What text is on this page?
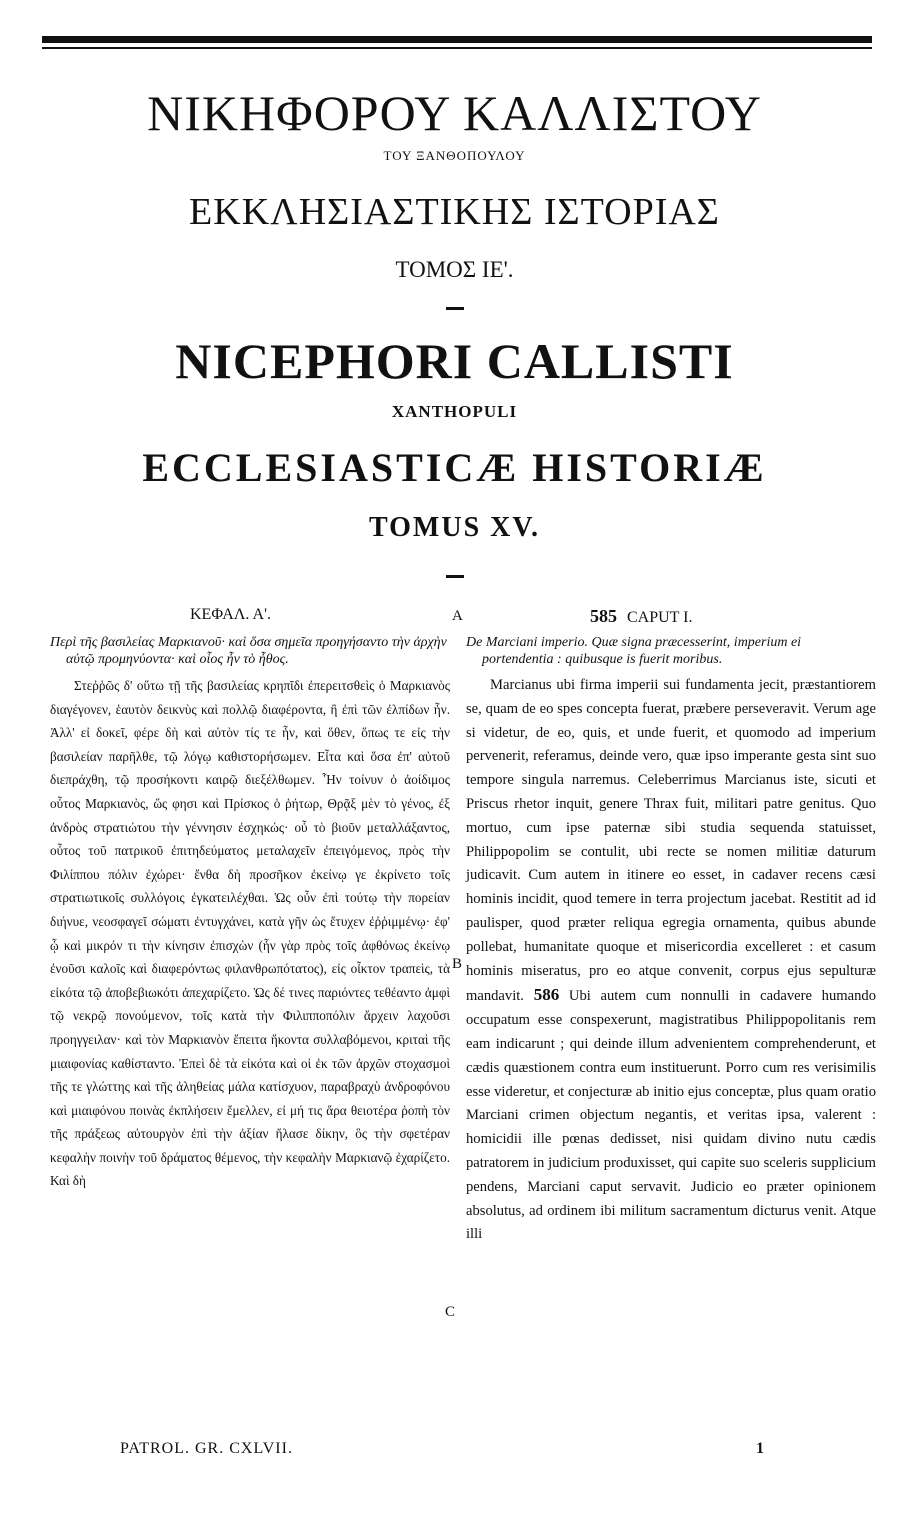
ΝΙΚΗΦΟΡΟΥ ΚΑΛΛΙΣΤΟΥ
ΤΟΥ ΞΑΝΘΟΠΟΥΛΟΥ
ΕΚΚΛΗΣΙΑΣΤΙΚΗΣ ΙΣΤΟΡΙΑΣ
ΤΟΜΟΣ ΙΕ'.
NICEPHORI CALLISTI
XANTHOPULI
ECCLESIASTICÆ HISTORIÆ
TOMUS XV.
ΚΕΦΑΛ. Α'.	585 CAPUT I.
A
B
C

Περὶ τῆς βασιλείας Μαρκιανοῦ· καὶ ὅσα σημεῖα προηγήσαντο τὴν ἀρχὴν αὐτῷ προμηνύοντα· καὶ οἷος ἦν τὸ ἦθος.

Στεῤῥῶς δ' οὕτω τῇ τῆς βασιλείας κρηπῖδι ἐπερειτσθεὶς ὁ Μαρκιανὸς διαγέγονεν, ἑαυτὸν δεικνὺς καὶ πολλῷ διαφέροντα, ἢ ἐπὶ τῶν ἐλπίδων ἦν. Ἀλλ' εἰ δοκεῖ, φέρε δὴ καὶ αὐτὸν τίς τε ἦν, καὶ ὅθεν, ὅπως τε εἰς τὴν βασιλείαν παρῆλθε, τῷ λόγῳ καθιστορήσωμεν. Εἶτα καὶ ὅσα ἐπ' αὐτοῦ διεπράχθη, τῷ προσήκοντι καιρῷ διεξέλθωμεν. Ἦν τοίνυν ὁ ἀοίδιμος οὗτος Μαρκιανὸς, ὥς φησι καὶ Πρίσκος ὁ ῥήτωρ, Θρᾷξ μὲν τὸ γένος, ἐξ ἀνδρὸς στρατιώτου τὴν γέννησιν ἐσχηκώς· οὗ τὸ βιοῦν μεταλλάξαντος, οὗτος τοῦ πατρικοῦ ἐπιτηδεύματος μεταλαχεῖν ἐπειγόμενος, πρὸς τὴν Φιλίππου πόλιν ἐχώρει· ἔνθα δὴ προσῆκον ἐκείνῳ γε ἐκρίνετο τοῖς στρατιωτικοῖς συλλόγοις ἐγκατειλέχθαι. Ὡς οὖν ἐπὶ τούτῳ τὴν πορείαν διήνυε, νεοσφαγεῖ σώματι ἐντυγχάνει, κατὰ γῆν ὡς ἔτυχεν ἐῤῥιμμένῳ· ἐφ' ᾧ καὶ μικρόν τι τὴν κίνησιν ἐπισχὼν (ἦν γὰρ πρὸς τοῖς ἀφθόνως ἐκείνῳ ἐνοῦσι καλοῖς καὶ διαφερόντως φιλανθρωπότατος), εἰς οἶκτον τραπεὶς, τὰ εἰκότα τῷ ἀποβεβιωκότι ἀπεχαρίζετο. Ὡς δέ τινες παριόντες τεθέαντο ἀμφὶ τῷ νεκρῷ πονούμενον, τοῖς κατὰ τὴν Φιλιπποπόλιν ἄρχειν λαχοῦσι προηγγειλαν· καὶ τὸν Μαρκιανὸν ἔπειτα ἥκοντα συλλαβόμενοι, κριταὶ τῆς μιαιφονίας καθίσταντο. Ἐπεὶ δὲ τὰ εἰκότα καὶ οἱ ἐκ τῶν ἀρχῶν στοχασμοὶ τῆς τε γλώττης καὶ τῆς ἀληθείας μάλα κατίσχυον, παραβραχὺ ἀνδροφόνου καὶ μιαιφόνου ποινὰς ἐκπλήσειν ἔμελλεν, εἰ μή τις ἄρα θειοτέρα ῥοπὴ τὸν τῆς πράξεως αὐτουργὸν ἐπὶ τὴν ἀξίαν ἤλασε δίκην, ὃς τὴν σφετέραν κεφαλὴν ποινὴν τοῦ δράματος θέμενος, τὴν κεφαλὴν Μαρκιανῷ ἐχαρίζετο. Καὶ δὴ

De Marciani imperio. Quæ signa præcesserint, imperium ei portendentia : quibusque is fuerit moribus.

Marcianus ubi firma imperii sui fundamenta jecit, præstantiorem se, quam de eo spes concepta fuerat, præbere perseveravit. Verum age si videtur, de eo, quis, et unde fuerit, et quomodo ad imperium pervenerit, referamus, deinde vero, quæ ipso imperante gesta sint suo tempore singula narremus. Celeberrimus Marcianus iste, sicuti et Priscus rhetor inquit, genere Thrax fuit, militari patre genitus. Quo mortuo, cum ipse paternæ sibi studia sequenda statuisset, Philippopolim se contulit, ubi recte se nomen militiæ daturum judicavit. Cum autem in itinere eo esset, in cadaver recens cæsi hominis incidit, quod temere in terra projectum jacebat. Restitit ad id paulisper, quod præter reliqua egregia ornamenta, quibus abunde pollebat, humanitate quoque et misericordia excelleret : et casum hominis miseratus, pro eo atque convenit, corpus ejus sepulturæ mandavit. 586 Ubi autem cum nonnulli in cadavere humando occupatum esse conspexerunt, magistratibus Philippopolitanis rem eam indicarunt ; qui deinde illum advenientem comprehenderunt, et cædis quæstionem contra eum instituerunt. Porro cum res verisimilis esse videretur, et conjecturæ ab initio ejus conceptæ, plus quam oratio Marciani crimen objectum negantis, et veritas ipsa, valerent : homicidii ille pœnas dedisset, nisi quidam divino nutu cædis patratorem in judicium produxisset, qui capite suo sceleris supplicium pendens, Marciani caput servavit. Judicio eo præter opinionem absolutus, ad ordinem ibi militum sacramentum dicturus venit. Atque illi

PATROL. GR. CXLVII.	1
